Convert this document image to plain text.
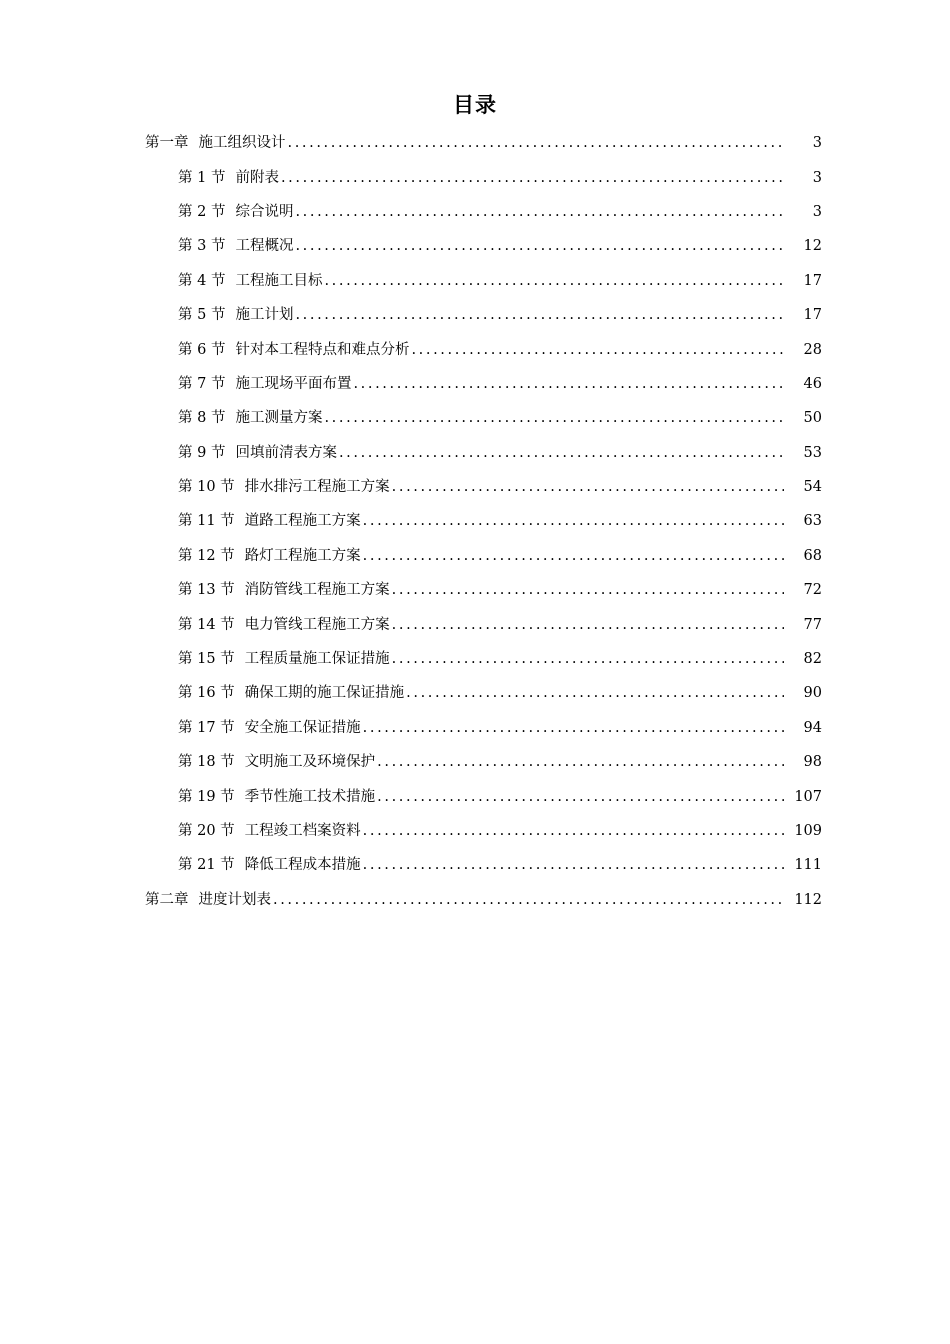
目录
第一章 施工组织设计 .....	3
第 1 节 前附表 .....	3
第 2 节 综合说明 .....	3
第 3 节 工程概况 .....	12
第 4 节 工程施工目标 .....	17
第 5 节 施工计划 .....	17
第 6 节 针对本工程特点和难点分析 .....	28
第 7 节 施工现场平面布置 .....	46
第 8 节 施工测量方案 .....	50
第 9 节 回填前清表方案 .....	53
第 10 节 排水排污工程施工方案 .....	54
第 11 节 道路工程施工方案 .....	63
第 12 节 路灯工程施工方案 .....	68
第 13 节 消防管线工程施工方案 .....	72
第 14 节 电力管线工程施工方案 .....	77
第 15 节 工程质量施工保证措施 .....	82
第 16 节 确保工期的施工保证措施 .....	90
第 17 节 安全施工保证措施 .....	94
第 18 节 文明施工及环境保护 .....	98
第 19 节 季节性施工技术措施 .....	107
第 20 节 工程竣工档案资料 .....	109
第 21 节 降低工程成本措施 .....	111
第二章 进度计划表 .....	112
